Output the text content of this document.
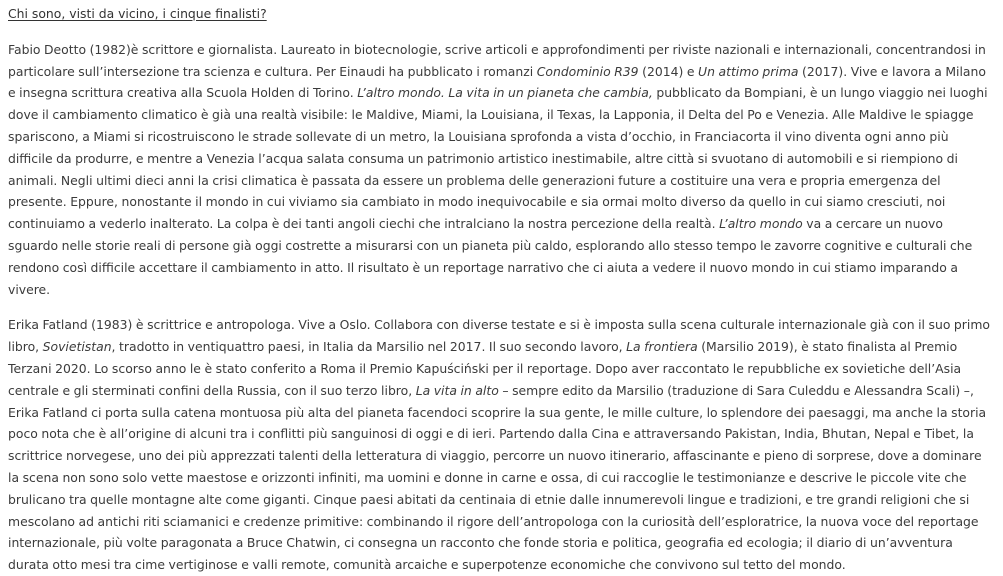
Chi sono, visti da vicino, i cinque finalisti?

Fabio Deotto (1982)è scrittore e giornalista. Laureato in biotecnologie, scrive articoli e approfondimenti per riviste nazionali e internazionali, concentrandosi in particolare sull’intersezione tra scienza e cultura. Per Einaudi ha pubblicato i romanzi Condominio R39 (2014) e Un attimo prima (2017). Vive e lavora a Milano e insegna scrittura creativa alla Scuola Holden di Torino. L’altro mondo. La vita in un pianeta che cambia, pubblicato da Bompiani, è un lungo viaggio nei luoghi dove il cambiamento climatico è già una realtà visibile: le Maldive, Miami, la Louisiana, il Texas, la Lapponia, il Delta del Po e Venezia. Alle Maldive le spiagge spariscono, a Miami si ricostruiscono le strade sollevate di un metro, la Louisiana sprofonda a vista d’occhio, in Franciacorta il vino diventa ogni anno più difficile da produrre, e mentre a Venezia l’acqua salata consuma un patrimonio artistico inestimabile, altre città si svuotano di automobili e si riempiono di animali. Negli ultimi dieci anni la crisi climatica è passata da essere un problema delle generazioni future a costituire una vera e propria emergenza del presente. Eppure, nonostante il mondo in cui viviamo sia cambiato in modo inequivocabile e sia ormai molto diverso da quello in cui siamo cresciuti, noi continuiamo a vederlo inalterato. La colpa è dei tanti angoli ciechi che intralciano la nostra percezione della realtà. L’altro mondo va a cercare un nuovo sguardo nelle storie reali di persone già oggi costrette a misurarsi con un pianeta più caldo, esplorando allo stesso tempo le zavorre cognitive e culturali che rendono così difficile accettare il cambiamento in atto. Il risultato è un reportage narrativo che ci aiuta a vedere il nuovo mondo in cui stiamo imparando a vivere.

Erika Fatland (1983) è scrittrice e antropologa. Vive a Oslo. Collabora con diverse testate e si è imposta sulla scena culturale internazionale già con il suo primo libro, Sovietistan, tradotto in ventiquattro paesi, in Italia da Marsilio nel 2017. Il suo secondo lavoro, La frontiera (Marsilio 2019), è stato finalista al Premio Terzani 2020. Lo scorso anno le è stato conferito a Roma il Premio Kapuściński per il reportage. Dopo aver raccontato le repubbliche ex sovietiche dell’Asia centrale e gli sterminati confini della Russia, con il suo terzo libro, La vita in alto – sempre edito da Marsilio (traduzione di Sara Culeddu e Alessandra Scali) –, Erika Fatland ci porta sulla catena montuosa più alta del pianeta facendoci scoprire la sua gente, le mille culture, lo splendore dei paesaggi, ma anche la storia poco nota che è all’origine di alcuni tra i conflitti più sanguinosi di oggi e di ieri. Partendo dalla Cina e attraversando Pakistan, India, Bhutan, Nepal e Tibet, la scrittrice norvegese, uno dei più apprezzati talenti della letteratura di viaggio, percorre un nuovo itinerario, affascinante e pieno di sorprese, dove a dominare la scena non sono solo vette maestose e orizzonti infiniti, ma uomini e donne in carne e ossa, di cui raccoglie le testimonianze e descrive le piccole vite che brulicano tra quelle montagne alte come giganti. Cinque paesi abitati da centinaia di etnie dalle innumerevoli lingue e tradizioni, e tre grandi religioni che si mescolano ad antichi riti sciamanici e credenze primitive: combinando il rigore dell’antropologa con la curiosità dell’esploratrice, la nuova voce del reportage internazionale, più volte paragonata a Bruce Chatwin, ci consegna un racconto che fonde storia e politica, geografia ed ecologia; il diario di un’avventura durata otto mesi tra cime vertiginose e valli remote, comunità arcaiche e superpotenze economiche che convivono sul tetto del mondo.
